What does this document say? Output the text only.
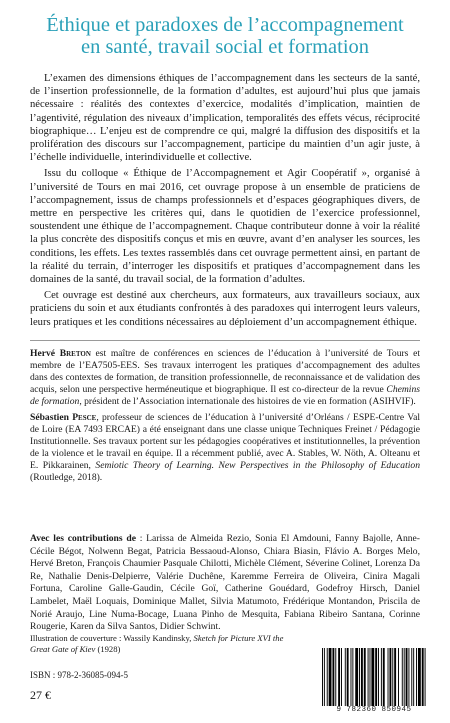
Éthique et paradoxes de l’accompagnement
en santé, travail social et formation

L’examen des dimensions éthiques de l’accompagnement dans les secteurs de la santé, de l’insertion professionnelle, de la formation d’adultes, est aujourd’hui plus que jamais nécessaire : réalités des contextes d’exercice, modalités d’implication, maintien de l’agentivité, régulation des niveaux d’implication, temporalités des effets vécus, réciprocité biographique… L’enjeu est de comprendre ce qui, malgré la diffusion des dispositifs et la prolifération des discours sur l’accompagnement, participe du maintien d’un agir juste, à l’échelle individuelle, interindividuelle et collective.

Issu du colloque « Éthique de l’Accompagnement et Agir Coopératif », organisé à l’université de Tours en mai 2016, cet ouvrage propose à un ensemble de praticiens de l’accompagnement, issus de champs professionnels et d’espaces géographiques divers, de mettre en perspective les critères qui, dans le quotidien de l’exercice professionnel, soustendent une éthique de l’accompagnement. Chaque contributeur donne à voir la réalité la plus concrète des dispositifs conçus et mis en œuvre, avant d’en analyser les sources, les conditions, les effets. Les textes rassemblés dans cet ouvrage permettent ainsi, en partant de la réalité du terrain, d’interroger les dispositifs et pratiques d’accompagnement dans les domaines de la santé, du travail social, de la formation d’adultes.

Cet ouvrage est destiné aux chercheurs, aux formateurs, aux travailleurs sociaux, aux praticiens du soin et aux étudiants confrontés à des paradoxes qui interrogent leurs valeurs, leurs pratiques et les conditions nécessaires au déploiement d’un accompagnement éthique.

Hervé Breton est maître de conférences en sciences de l’éducation à l’université de Tours et membre de l’EA7505-EES. Ses travaux interrogent les pratiques d’accompagnement des adultes dans des contextes de formation, de transition professionnelle, de reconnaissance et de validation des acquis, selon une perspective herméneutique et biographique. Il est co-directeur de la revue Chemins de formation, président de l’Association internationale des histoires de vie en formation (ASIHVIF).

Sébastien Pesce, professeur de sciences de l’éducation à l’université d’Orléans / ESPE-Centre Val de Loire (EA 7493 ERCAE) a été enseignant dans une classe unique Techniques Freinet / Pédagogie Institutionnelle. Ses travaux portent sur les pédagogies coopératives et institutionnelles, la prévention de la violence et le travail en équipe. Il a récemment publié, avec A. Stables, W. Nöth, A. Olteanu et E. Pikkarainen, Semiotic Theory of Learning. New Perspectives in the Philosophy of Education (Routledge, 2018).

Avec les contributions de : Larissa de Almeida Rezio, Sonia El Amdouni, Fanny Bajolle, Anne-Cécile Bégot, Nolwenn Begat, Patricia Bessaoud-Alonso, Chiara Biasin, Flávio A. Borges Melo, Hervé Breton, François Chaumier Pasquale Chilotti, Michèle Clément, Séverine Colinet, Lorenza Da Re, Nathalie Denis-Delpierre, Valérie Duchêne, Karemme Ferreira de Oliveira, Cinira Magali Fortuna, Caroline Galle-Gaudin, Cécile Goï, Catherine Gouédard, Godefroy Hirsch, Daniel Lambelet, Maël Loquais, Dominique Mallet, Silvia Matumoto, Frédérique Montandon, Priscila de Norié Araujo, Line Numa-Bocage, Luana Pinho de Mesquita, Fabiana Ribeiro Santana, Corinne Rougerie, Karen da Silva Santos, Didier Schwint.
Illustration de couverture : Wassily Kandinsky, Sketch for Picture XVI the Great Gate of Kiev (1928)
ISBN : 978-2-36085-094-5
27 €
9 782360 850945
